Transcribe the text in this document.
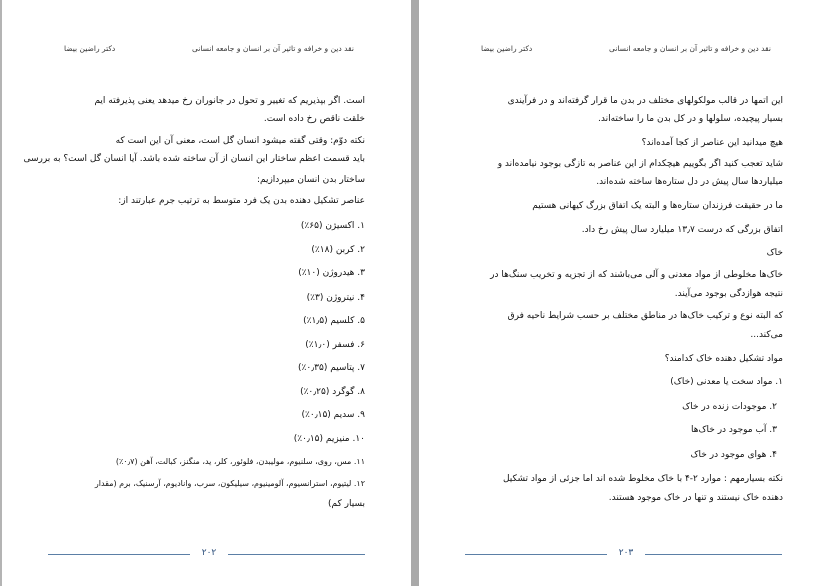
نقد دین و خرافه و تاثیر آن بر انسان و جامعه انسانی
دکتر راضین بیضا
است. اگر بپذیریم که تغییر و تحول در جانوران رخ میدهد یعنی پذیرفته ایم
خلقت ناقص رخ داده است.
نکته دوّم: وقتی گفته میشود انسان گل است، معنی آن این است که
باید قسمت اعظم ساختار این انسان از آن ساخته شده باشد. آیا انسان گل است؟ به بررسی
ساختار بدن انسان میپردازیم:
عناصر تشکیل دهنده بدن یک فرد متوسط به ترتیب جرم عبارتند از:
۱. اکسیژن (۶۵٪)
۲. کربن (۱۸٪)
۳. هیدروژن (۱۰٪)
۴. نیتروژن (۳٪)
۵. کلسیم (۱٫۵٪)
۶. فسفر (۱٫۰٪)
۷. پتاسیم (۰٫۳۵٪)
۸. گوگرد (۰٫۲۵٪)
۹. سدیم (۰٫۱۵٪)
۱۰. منیزیم (۰٫۱۵٪)
۱۱. مس، روی، سلنیوم، مولیبدن، فلوئور، کلر، ید، منگنز، کبالت، آهن (۰٫۷٪)
۱۲. لیتیوم، استرانسیوم، آلومینیوم، سیلیکون، سرب، وانادیوم، آرسنیک، برم (مقدار
بسیار کم)
۲۰۲
نقد دین و خرافه و تاثیر آن بر انسان و جامعه انسانی
دکتر راضین بیضا
این اتمها در قالب مولکولهای مختلف در بدن ما قرار گرفته‌اند و در فرآیندی
بسیار پیچیده، سلولها و در کل بدن ما را ساخته‌اند.
هیچ میدانید این عناصر از کجا آمده‌اند؟
شاید تعجب کنید اگر بگوییم هیچکدام از این عناصر به تازگی بوجود نیامده‌اند و
میلیاردها سال پیش در دل ستاره‌ها ساخته شده‌اند.
ما در حقیقت فرزندان ستاره‌ها و البته یک اتفاق بزرگ کیهانی هستیم
اتفاق بزرگی که درست ۱۳٫۷ میلیارد سال پیش رخ داد.
خاک
خاک‌ها مخلوطی از مواد معدنی و آلی می‌باشند که از تجزیه و تخریب سنگ‌ها در
نتیجه هوازدگی بوجود می‌آیند.
که البته نوع و ترکیب خاک‌ها در مناطق مختلف بر حسب شرایط ناحیه فرق
می‌کند...
مواد تشکیل دهنده خاک کدامند؟
۱. مواد سخت یا معدنی (خاک)
۲. موجودات زنده در خاک
۳. آب موجود در خاک‌ها
۴. هوای موجود در خاک
نکته بسیارمهم : موارد ۲-۴ با خاک مخلوط شده اند اما جزئی از مواد تشکیل
دهنده خاک نیستند و تنها در خاک موجود هستند.
۲۰۳
